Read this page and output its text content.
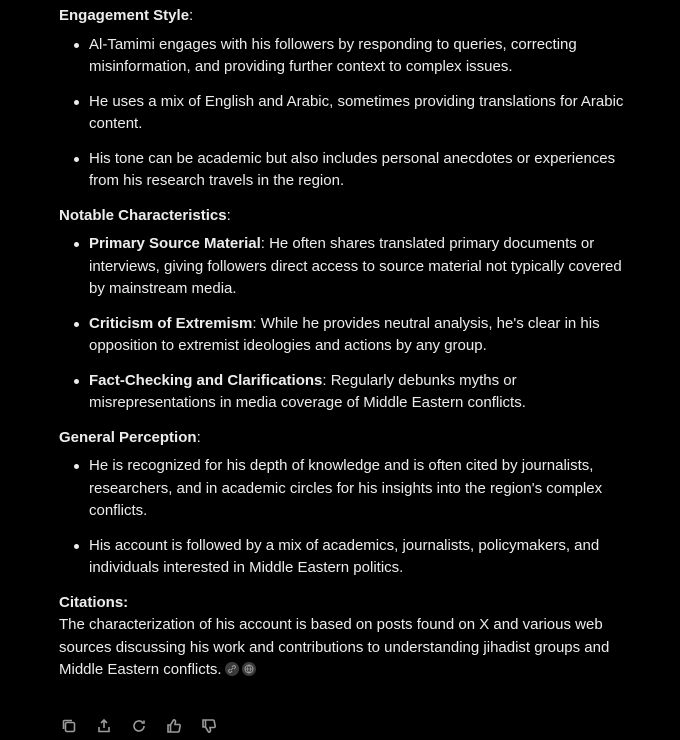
Engagement Style:

Al-Tamimi engages with his followers by responding to queries, correcting misinformation, and providing further context to complex issues.
He uses a mix of English and Arabic, sometimes providing translations for Arabic content.
His tone can be academic but also includes personal anecdotes or experiences from his research travels in the region.

Notable Characteristics:

Primary Source Material: He often shares translated primary documents or interviews, giving followers direct access to source material not typically covered by mainstream media.
Criticism of Extremism: While he provides neutral analysis, he's clear in his opposition to extremist ideologies and actions by any group.
Fact-Checking and Clarifications: Regularly debunks myths or misrepresentations in media coverage of Middle Eastern conflicts.

General Perception:

He is recognized for his depth of knowledge and is often cited by journalists, researchers, and in academic circles for his insights into the region's complex conflicts.
His account is followed by a mix of academics, journalists, policymakers, and individuals interested in Middle Eastern politics.

Citations:

The characterization of his account is based on posts found on X and various web sources discussing his work and contributions to understanding jihadist groups and Middle Eastern conflicts.
